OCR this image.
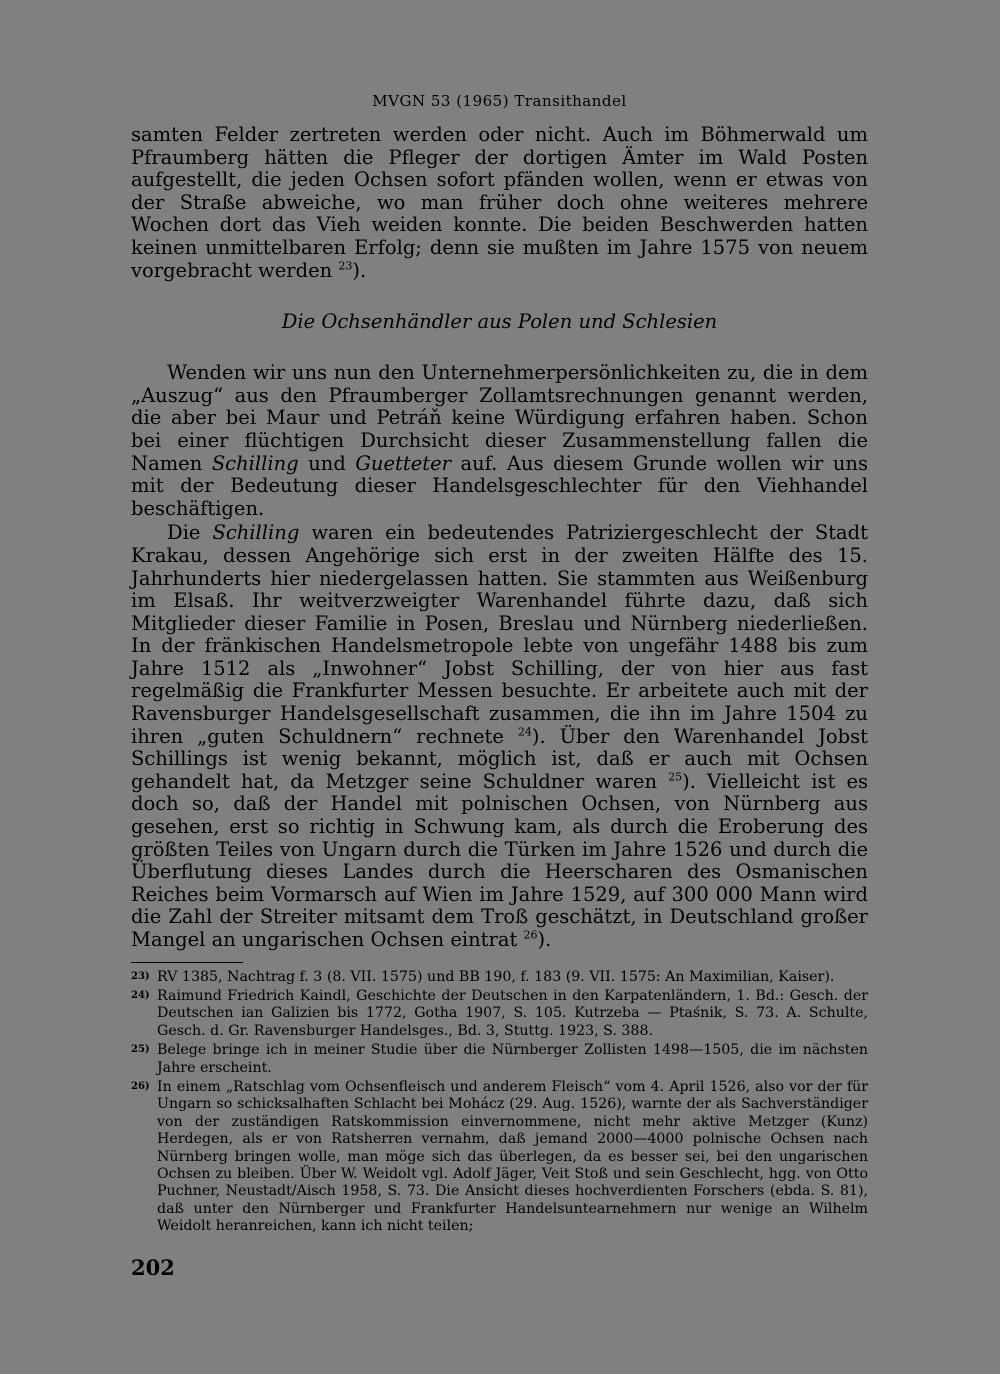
MVGN 53 (1965) Transithandel

samten Felder zertreten werden oder nicht. Auch im Böhmerwald um Pfraumberg hätten die Pfleger der dortigen Ämter im Wald Posten aufgestellt, die jeden Ochsen sofort pfänden wollen, wenn er etwas von der Straße abweiche, wo man früher doch ohne weiteres mehrere Wochen dort das Vieh weiden konnte. Die beiden Beschwerden hatten keinen unmittelbaren Erfolg; denn sie mußten im Jahre 1575 von neuem vorgebracht werden $^{23}$).

Die Ochsenhändler aus Polen und Schlesien

Wenden wir uns nun den Unternehmerpersönlichkeiten zu, die in dem „Auszug“ aus den Pfraumberger Zollamtsrechnungen genannt werden, die aber bei Maur und Petráň keine Würdigung erfahren haben. Schon bei einer flüchtigen Durchsicht dieser Zusammenstellung fallen die Namen Schilling und Guetteter auf. Aus diesem Grunde wollen wir uns mit der Bedeutung dieser Handelsgeschlechter für den Viehhandel beschäftigen.

Die Schilling waren ein bedeutendes Patriziergeschlecht der Stadt Krakau, dessen Angehörige sich erst in der zweiten Hälfte des 15. Jahrhunderts hier niedergelassen hatten. Sie stammten aus Weißenburg im Elsaß. Ihr weitverzweigter Warenhandel führte dazu, daß sich Mitglieder dieser Familie in Posen, Breslau und Nürnberg niederließen. In der fränkischen Handelsmetropole lebte von ungefähr 1488 bis zum Jahre 1512 als „Inwohner“ Jobst Schilling, der von hier aus fast regelmäßig die Frankfurter Messen besuchte. Er arbeitete auch mit der Ravensburger Handelsgesellschaft zusammen, die ihn im Jahre 1504 zu ihren „guten Schuldnern“ rechnete $^{24}$). Über den Warenhandel Jobst Schillings ist wenig bekannt, möglich ist, daß er auch mit Ochsen gehandelt hat, da Metzger seine Schuldner waren $^{25}$). Vielleicht ist es doch so, daß der Handel mit polnischen Ochsen, von Nürnberg aus gesehen, erst so richtig in Schwung kam, als durch die Eroberung des größten Teiles von Ungarn durch die Türken im Jahre 1526 und durch die Überflutung dieses Landes durch die Heerscharen des Osmanischen Reiches beim Vormarsch auf Wien im Jahre 1529, auf 300 000 Mann wird die Zahl der Streiter mitsamt dem Troß geschätzt, in Deutschland großer Mangel an ungarischen Ochsen eintrat $^{26}$).

23) RV 1385, Nachtrag f. 3 (8. VII. 1575) und BB 190, f. 183 (9. VII. 1575: An Maximilian, Kaiser).
24) Raimund Friedrich Kaindl, Geschichte der Deutschen in den Karpatenländern, 1. Bd.: Gesch. der Deutschen ian Galizien bis 1772, Gotha 1907, S. 105. Kutrzeba — Ptaśnik, S. 73. A. Schulte, Gesch. d. Gr. Ravensburger Handelsges., Bd. 3, Stuttg. 1923, S. 388.
25) Belege bringe ich in meiner Studie über die Nürnberger Zollisten 1498—1505, die im nächsten Jahre erscheint.
26) In einem „Ratschlag vom Ochsenfleisch und anderem Fleisch“ vom 4. April 1526, also vor der für Ungarn so schicksalhaften Schlacht bei Mohácz (29. Aug. 1526), warnte der als Sachverständiger von der zuständigen Ratskommission einvernommene, nicht mehr aktive Metzger (Kunz) Herdegen, als er von Ratsherren vernahm, daß jemand 2000—4000 polnische Ochsen nach Nürnberg bringen wolle, man möge sich das überlegen, da es besser sei, bei den ungarischen Ochsen zu bleiben. Über W. Weidolt vgl. Adolf Jäger, Veit Stoß und sein Geschlecht, hgg. von Otto Puchner, Neustadt/Aisch 1958, S. 73. Die Ansicht dieses hochverdienten Forschers (ebda. S. 81), daß unter den Nürnberger und Frankfurter Handelsuntearnehmern nur wenige an Wilhelm Weidolt heranreichen, kann ich nicht teilen;
202
